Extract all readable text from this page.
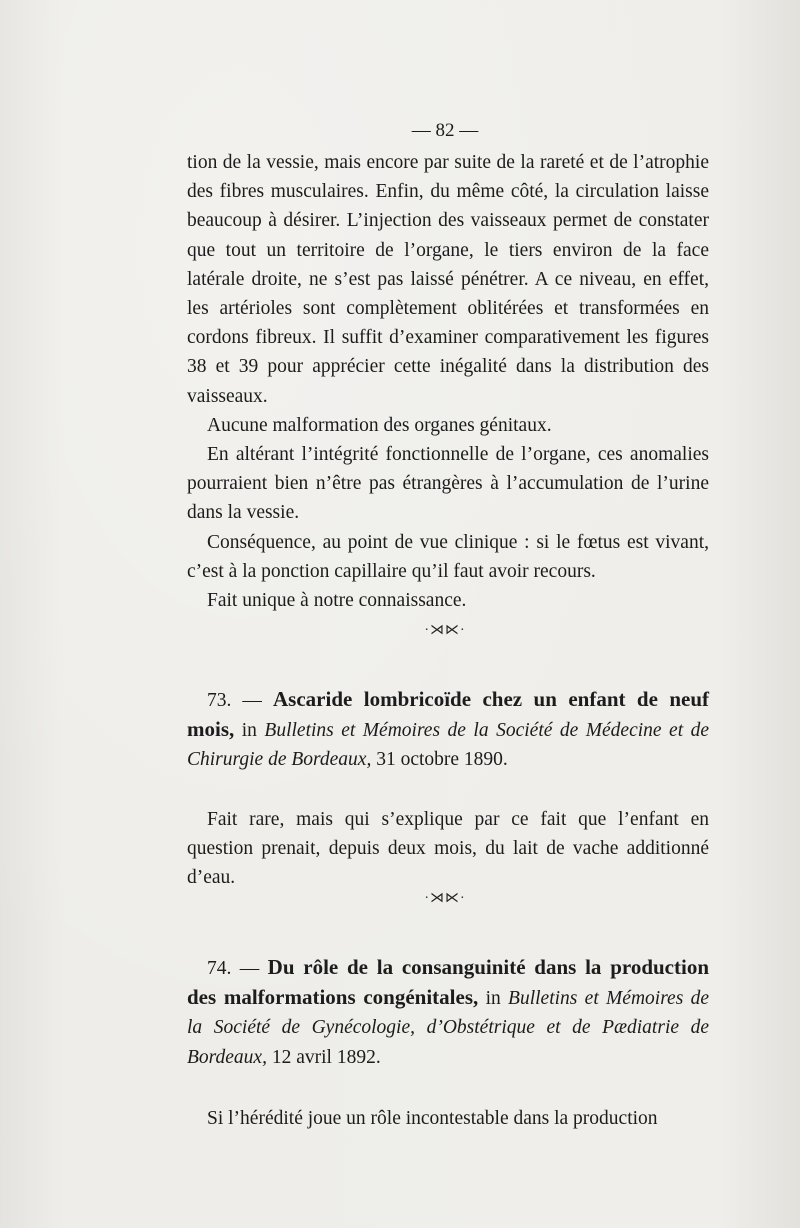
— 82 —

tion de la vessie, mais encore par suite de la rareté et de l’atrophie des fibres musculaires. Enfin, du même côté, la circulation laisse beaucoup à désirer. L’injection des vaisseaux permet de constater que tout un territoire de l’organe, le tiers environ de la face latérale droite, ne s’est pas laissé pénétrer. A ce niveau, en effet, les artérioles sont complètement oblitérées et transformées en cordons fibreux. Il suffit d’examiner comparativement les figures 38 et 39 pour apprécier cette inégalité dans la distribution des vaisseaux.

Aucune malformation des organes génitaux.

En altérant l’intégrité fonctionnelle de l’organe, ces anomalies pourraient bien n’être pas étrangères à l’accumulation de l’urine dans la vessie.

Conséquence, au point de vue clinique : si le fœtus est vivant, c’est à la ponction capillaire qu’il faut avoir recours.

Fait unique à notre connaissance.

·⋊⋉·

73. — Ascaride lombricoïde chez un enfant de neuf mois, in Bulletins et Mémoires de la Société de Médecine et de Chirurgie de Bordeaux, 31 octobre 1890.

Fait rare, mais qui s’explique par ce fait que l’enfant en question prenait, depuis deux mois, du lait de vache additionné d’eau.

·⋊⋉·

74. — Du rôle de la consanguinité dans la production des malformations congénitales, in Bulletins et Mémoires de la Société de Gynécologie, d’Obstétrique et de Pædiatrie de Bordeaux, 12 avril 1892.

Si l’hérédité joue un rôle incontestable dans la production
